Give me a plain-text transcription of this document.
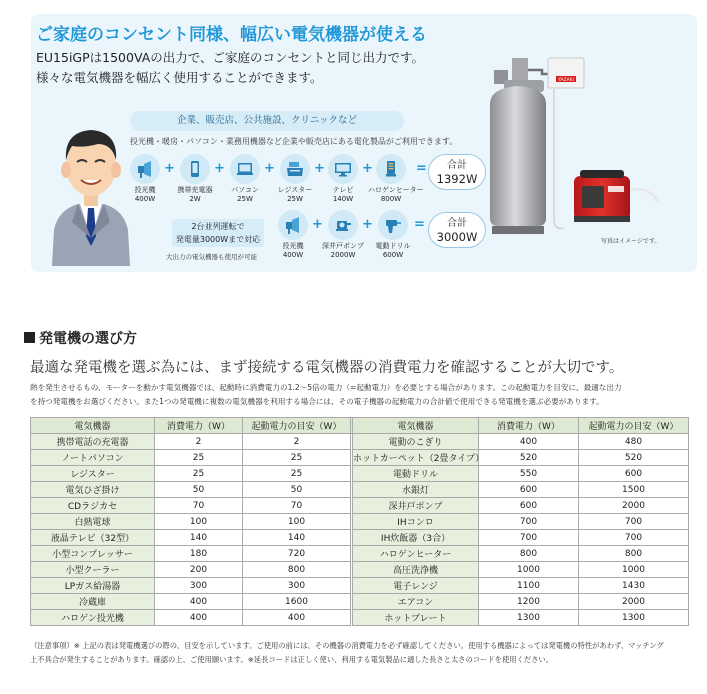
ご家庭のコンセント同様、幅広い電気機器が使える
EU15iGPは1500VAの出力で、ご家庭のコンセントと同じ出力です。
様々な電気機器を幅広く使用することができます。
企業、販売店、公共施設、クリニックなど
投光機・暖房・パソコン・業務用機器など企業や販売店にある電化製品がご利用できます。
投光機
400W
+
携帯充電器
2W
+
パソコン
25W
+
レジスター
25W
+
テレビ
140W
+
ハロゲンヒーター
800W
=	合計
1392W
2台並列運転で
発電量3000Wまで対応
大出力の電気機器も使用が可能
投光機
400W
+
深井戸ポンプ
2000W
+
電動ドリル
600W
=	合計
3000W
YAZAKI
写真はイメージです。
発電機の選び方
最適な発電機を選ぶ為には、まず接続する電気機器の消費電力を確認することが大切です。
熱を発生させるもの、モーターを動かす電気機器では、起動時に消費電力の1.2～5倍の電力（=起動電力）を必要とする場合があります。この起動電力を目安に、最適な出力
を持つ発電機をお選びください。また1つの発電機に複数の電気機器を利用する場合には、その電子機器の起動電力の合計値で使用できる発電機を選ぶ必要があります。
電気機器	消費電力（W）	起動電力の目安（W）		電気機器	消費電力（W）	起動電力の目安（W）
携帯電話の充電器	2	2		電動のこぎり	400	480
ノートパソコン	25	25		ホットカーペット（2畳タイプ）	520	520
レジスター	25	25		電動ドリル	550	600
電気ひざ掛け	50	50		水銀灯	600	1500
CDラジカセ	70	70		深井戸ポンプ	600	2000
白熱電球	100	100		IHコンロ	700	700
液晶テレビ（32型）	140	140		IH炊飯器（3合）	700	700
小型コンプレッサー	180	720		ハロゲンヒーター	800	800
小型クーラー	200	800		高圧洗浄機	1000	1000
LPガス給湯器	300	300		電子レンジ	1100	1430
冷蔵庫	400	1600		エアコン	1200	2000
ハロゲン投光機	400	400		ホットプレート	1300	1300
（注意事項）※ 上記の表は発電機選びの際の、目安を示しています。ご使用の前には、その機器の消費電力を必ず確認してください。使用する機器によっては発電機の特性があわず、マッチング
上不具合が発生することがあります。確認の上、ご使用願います。※延長コードは正しく使い、利用する電気製品に適した長さと太さのコードを使用ください。
